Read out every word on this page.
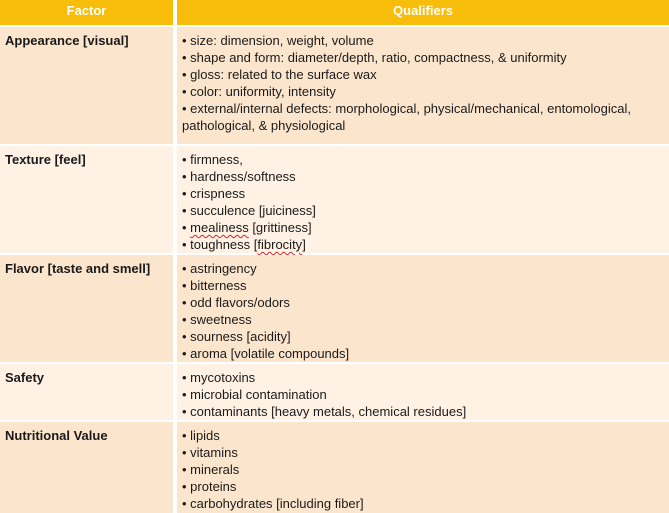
Factor	Qualifiers
Appearance [visual]	• size: dimension, weight, volume
• shape and form: diameter/depth, ratio, compactness, & uniformity
• gloss: related to the surface wax
• color: uniformity, intensity
• external/internal defects: morphological, physical/mechanical, entomological, pathological, & physiological
Texture [feel]	• firmness,
• hardness/softness
• crispness
• succulence [juiciness]
• mealiness [grittiness]
• toughness [fibrocity]
Flavor [taste and smell]	• astringency
• bitterness
• odd flavors/odors
• sweetness
• sourness [acidity]
• aroma [volatile compounds]
Safety	• mycotoxins
• microbial contamination
• contaminants [heavy metals, chemical residues]
Nutritional Value	• lipids
• vitamins
• minerals
• proteins
• carbohydrates [including fiber]
